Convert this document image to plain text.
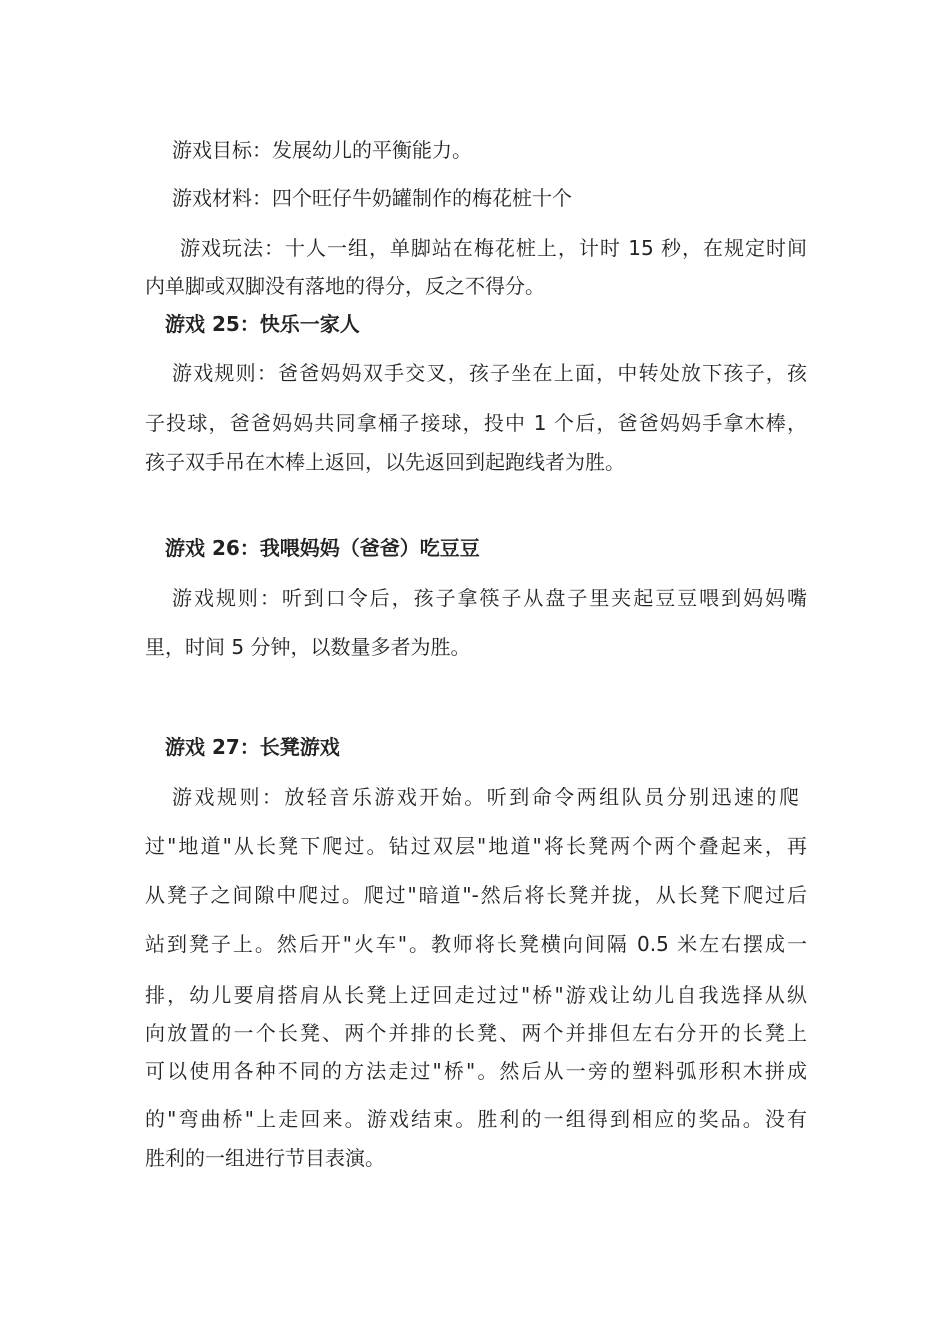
游戏目标：发展幼儿的平衡能力。
游戏材料：四个旺仔牛奶罐制作的梅花桩十个
游戏玩法：十人一组，单脚站在梅花桩上，计时 15 秒，在规定时间
内单脚或双脚没有落地的得分，反之不得分。
游戏 25：快乐一家人
游戏规则：爸爸妈妈双手交叉，孩子坐在上面，中转处放下孩子，孩
子投球，爸爸妈妈共同拿桶子接球，投中 1 个后，爸爸妈妈手拿木棒，
孩子双手吊在木棒上返回，以先返回到起跑线者为胜。
游戏 26：我喂妈妈（爸爸）吃豆豆
游戏规则：听到口令后，孩子拿筷子从盘子里夹起豆豆喂到妈妈嘴
里，时间 5 分钟，以数量多者为胜。
游戏 27：长凳游戏
游戏规则：放轻音乐游戏开始。听到命令两组队员分别迅速的爬
过"地道"从长凳下爬过。钻过双层"地道"将长凳两个两个叠起来，再
从凳子之间隙中爬过。爬过"暗道"-然后将长凳并拢，从长凳下爬过后
站到凳子上。然后开"火车"。教师将长凳横向间隔 0.5 米左右摆成一
排，幼儿要肩搭肩从长凳上迂回走过过"桥"游戏让幼儿自我选择从纵
向放置的一个长凳、两个并排的长凳、两个并排但左右分开的长凳上
可以使用各种不同的方法走过"桥"。然后从一旁的塑料弧形积木拼成
的"弯曲桥"上走回来。游戏结束。胜利的一组得到相应的奖品。没有
胜利的一组进行节目表演。
